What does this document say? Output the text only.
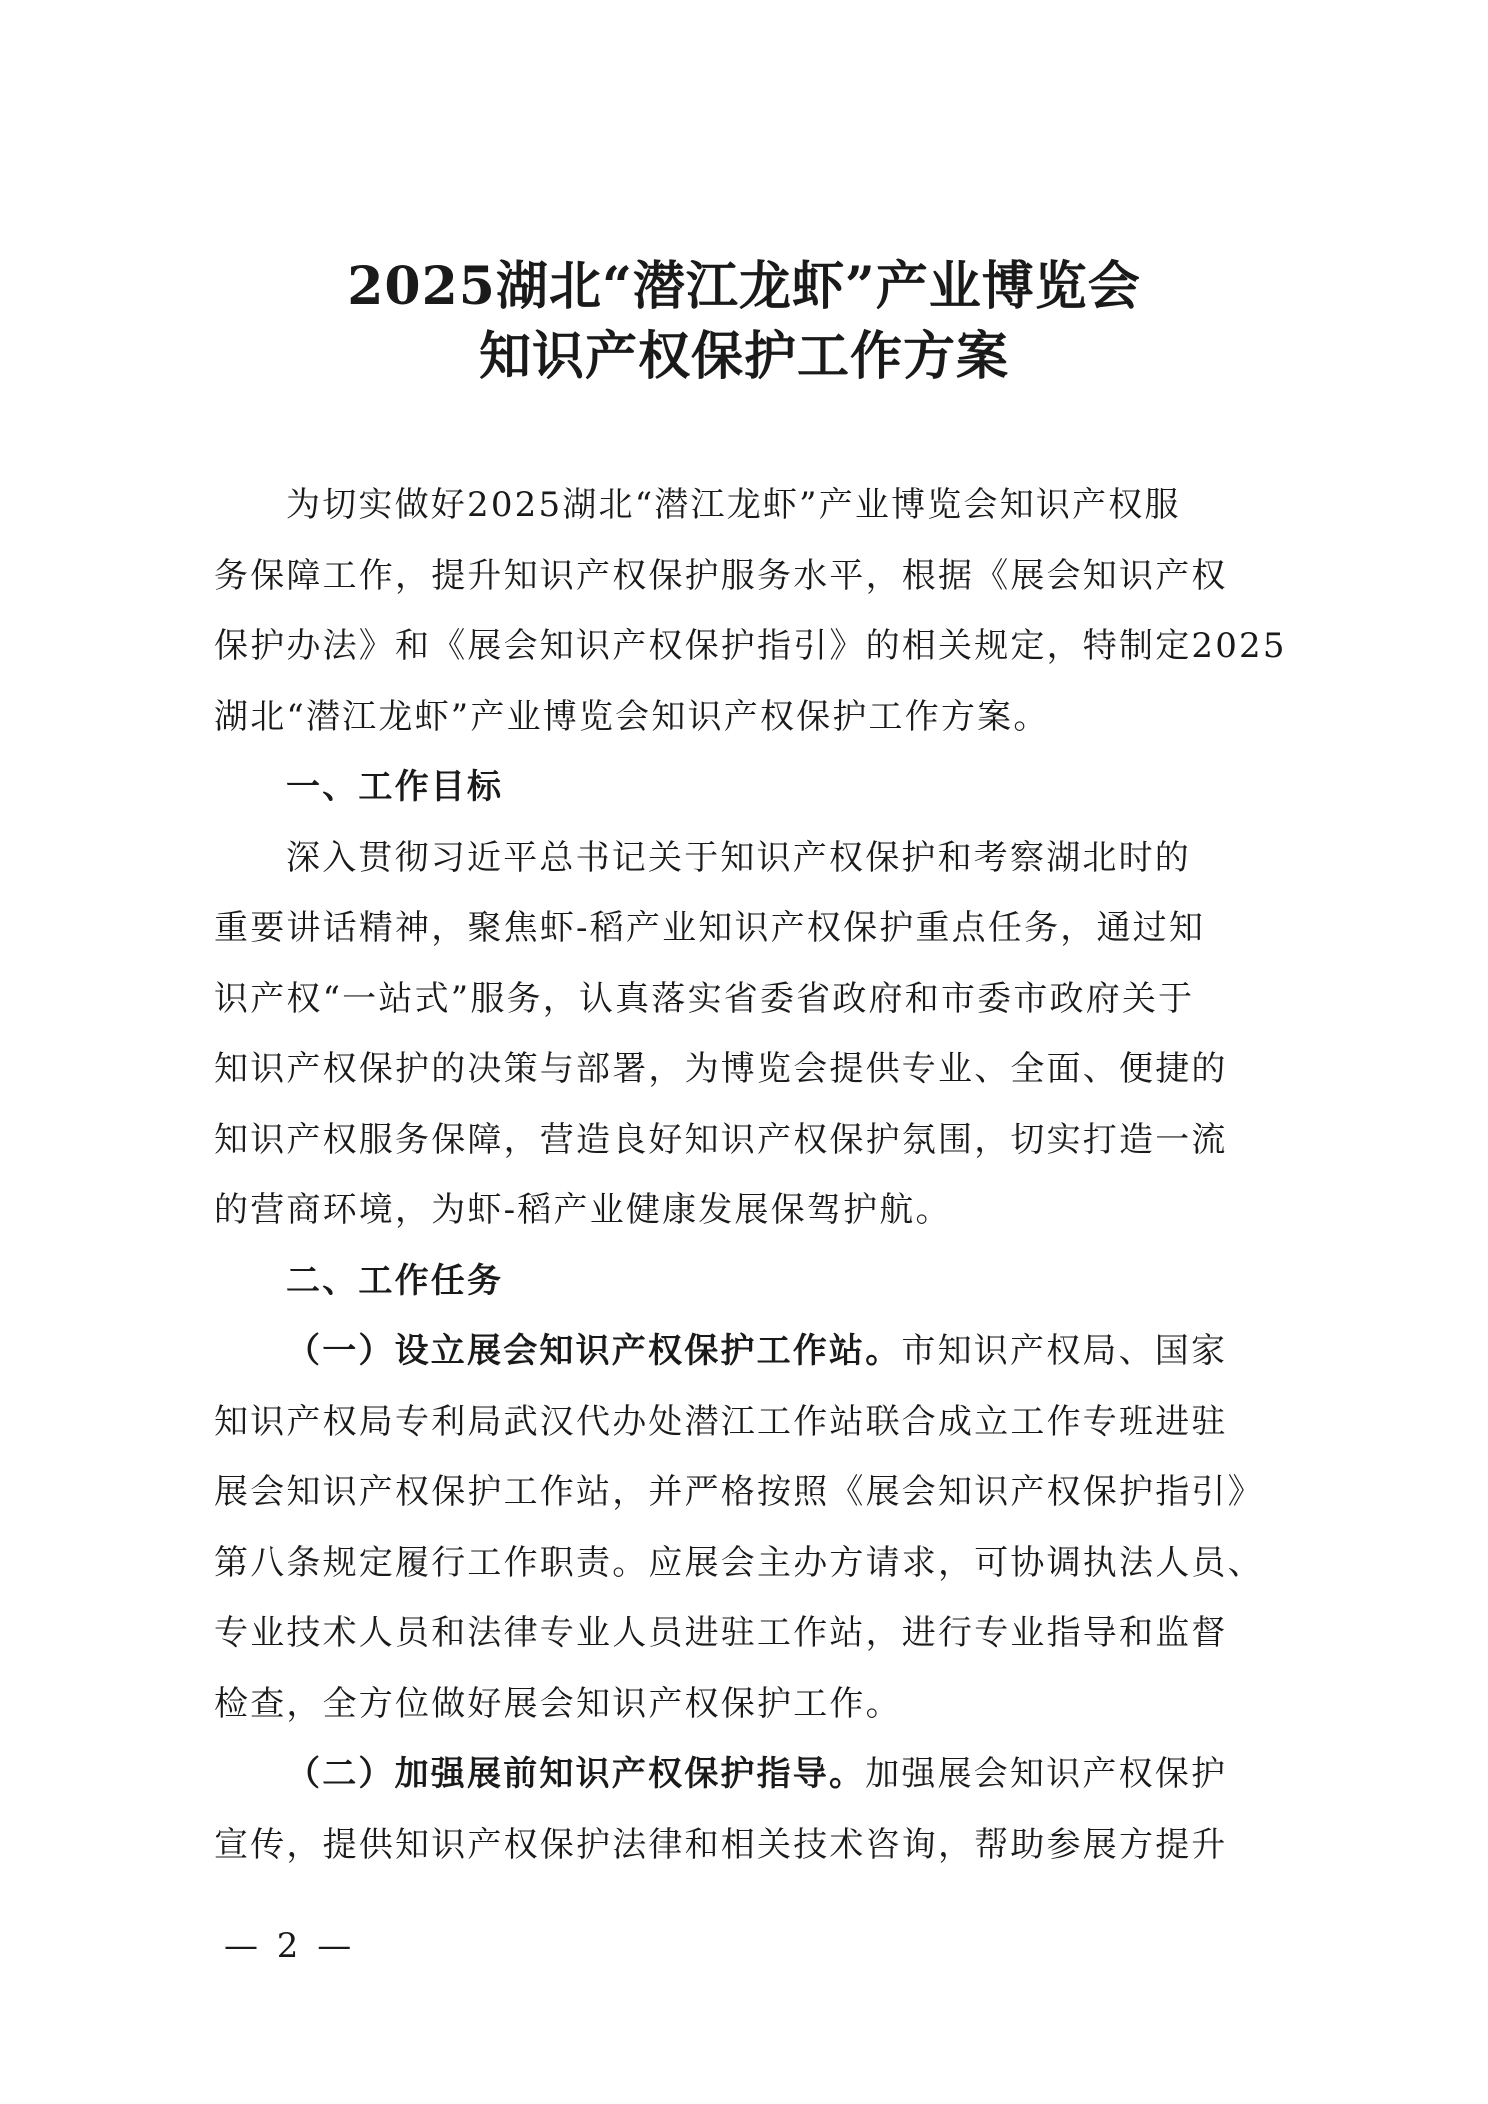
2025湖北“潜江龙虾”产业博览会
知识产权保护工作方案
为切实做好2025湖北“潜江龙虾”产业博览会知识产权服
务保障工作，提升知识产权保护服务水平，根据《展会知识产权
保护办法》和《展会知识产权保护指引》的相关规定，特制定2025
湖北“潜江龙虾”产业博览会知识产权保护工作方案。
一、工作目标
深入贯彻习近平总书记关于知识产权保护和考察湖北时的
重要讲话精神，聚焦虾-稻产业知识产权保护重点任务，通过知
识产权“一站式”服务，认真落实省委省政府和市委市政府关于
知识产权保护的决策与部署，为博览会提供专业、全面、便捷的
知识产权服务保障，营造良好知识产权保护氛围，切实打造一流
的营商环境，为虾-稻产业健康发展保驾护航。
二、工作任务
（一）设立展会知识产权保护工作站。市知识产权局、国家
知识产权局专利局武汉代办处潜江工作站联合成立工作专班进驻
展会知识产权保护工作站，并严格按照《展会知识产权保护指引》
第八条规定履行工作职责。应展会主办方请求，可协调执法人员、
专业技术人员和法律专业人员进驻工作站，进行专业指导和监督
检查，全方位做好展会知识产权保护工作。
（二）加强展前知识产权保护指导。加强展会知识产权保护
宣传，提供知识产权保护法律和相关技术咨询，帮助参展方提升
— 2 —
